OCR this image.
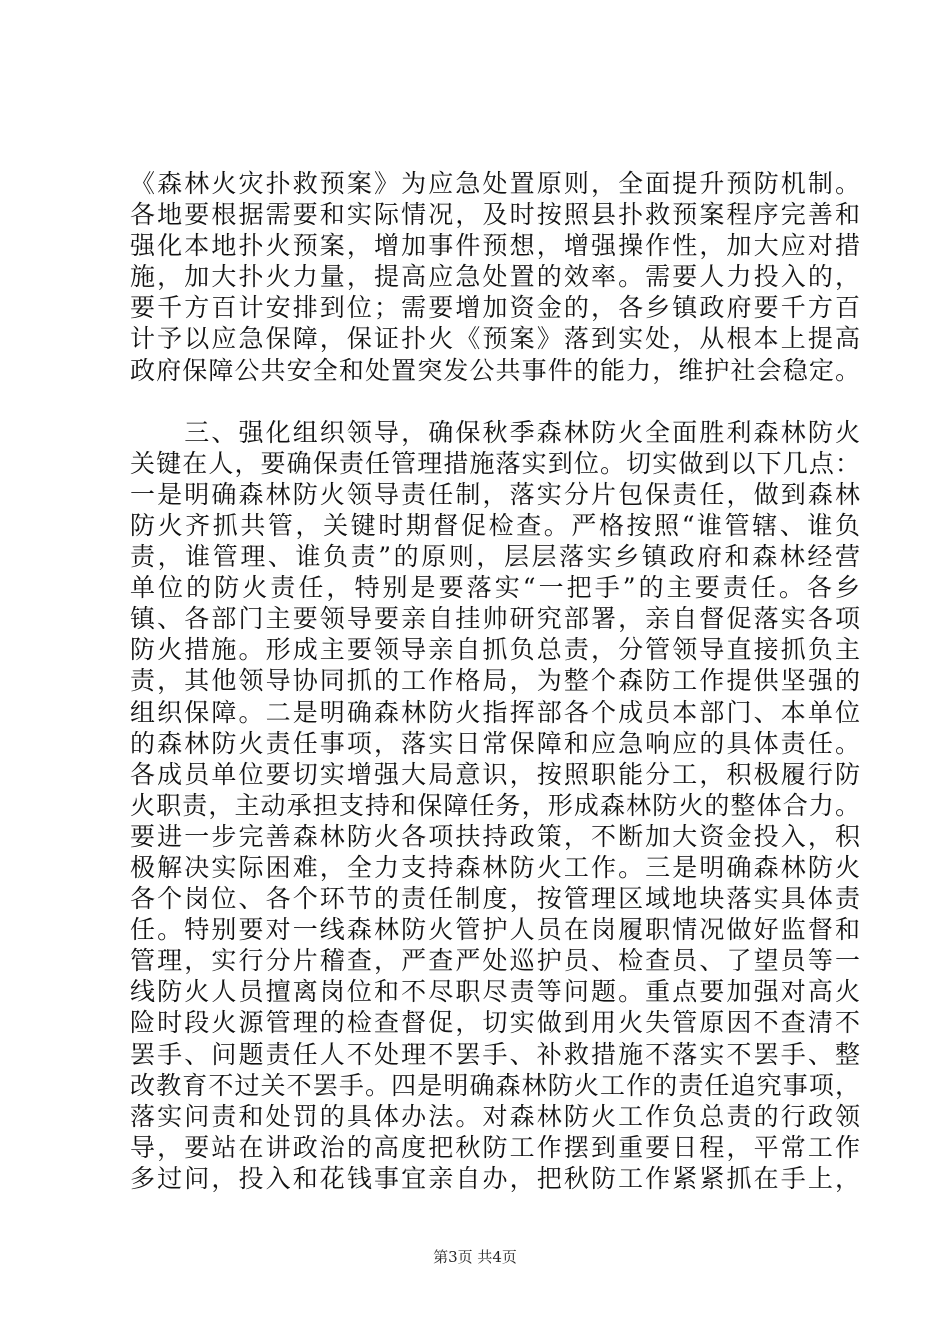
《森林火灾扑救预案》为应急处置原则，全面提升预防机制。
各地要根据需要和实际情况，及时按照县扑救预案程序完善和
强化本地扑火预案，增加事件预想，增强操作性，加大应对措
施，加大扑火力量，提高应急处置的效率。需要人力投入的，
要千方百计安排到位；需要增加资金的，各乡镇政府要千方百
计予以应急保障，保证扑火《预案》落到实处，从根本上提高
政府保障公共安全和处置突发公共事件的能力，维护社会稳定。
　　三、强化组织领导，确保秋季森林防火全面胜利森林防火
关键在人，要确保责任管理措施落实到位。切实做到以下几点：
一是明确森林防火领导责任制，落实分片包保责任，做到森林
防火齐抓共管，关键时期督促检查。严格按照“谁管辖、谁负
责，谁管理、谁负责”的原则，层层落实乡镇政府和森林经营
单位的防火责任，特别是要落实“一把手”的主要责任。各乡
镇、各部门主要领导要亲自挂帅研究部署，亲自督促落实各项
防火措施。形成主要领导亲自抓负总责，分管领导直接抓负主
责，其他领导协同抓的工作格局，为整个森防工作提供坚强的
组织保障。二是明确森林防火指挥部各个成员本部门、本单位
的森林防火责任事项，落实日常保障和应急响应的具体责任。
各成员单位要切实增强大局意识，按照职能分工，积极履行防
火职责，主动承担支持和保障任务，形成森林防火的整体合力。
要进一步完善森林防火各项扶持政策，不断加大资金投入，积
极解决实际困难，全力支持森林防火工作。三是明确森林防火
各个岗位、各个环节的责任制度，按管理区域地块落实具体责
任。特别要对一线森林防火管护人员在岗履职情况做好监督和
管理，实行分片稽查，严查严处巡护员、检查员、了望员等一
线防火人员擅离岗位和不尽职尽责等问题。重点要加强对高火
险时段火源管理的检查督促，切实做到用火失管原因不查清不
罢手、问题责任人不处理不罢手、补救措施不落实不罢手、整
改教育不过关不罢手。四是明确森林防火工作的责任追究事项，
落实问责和处罚的具体办法。对森林防火工作负总责的行政领
导，要站在讲政治的高度把秋防工作摆到重要日程，平常工作
多过问，投入和花钱事宜亲自办，把秋防工作紧紧抓在手上，
第3页 共4页
